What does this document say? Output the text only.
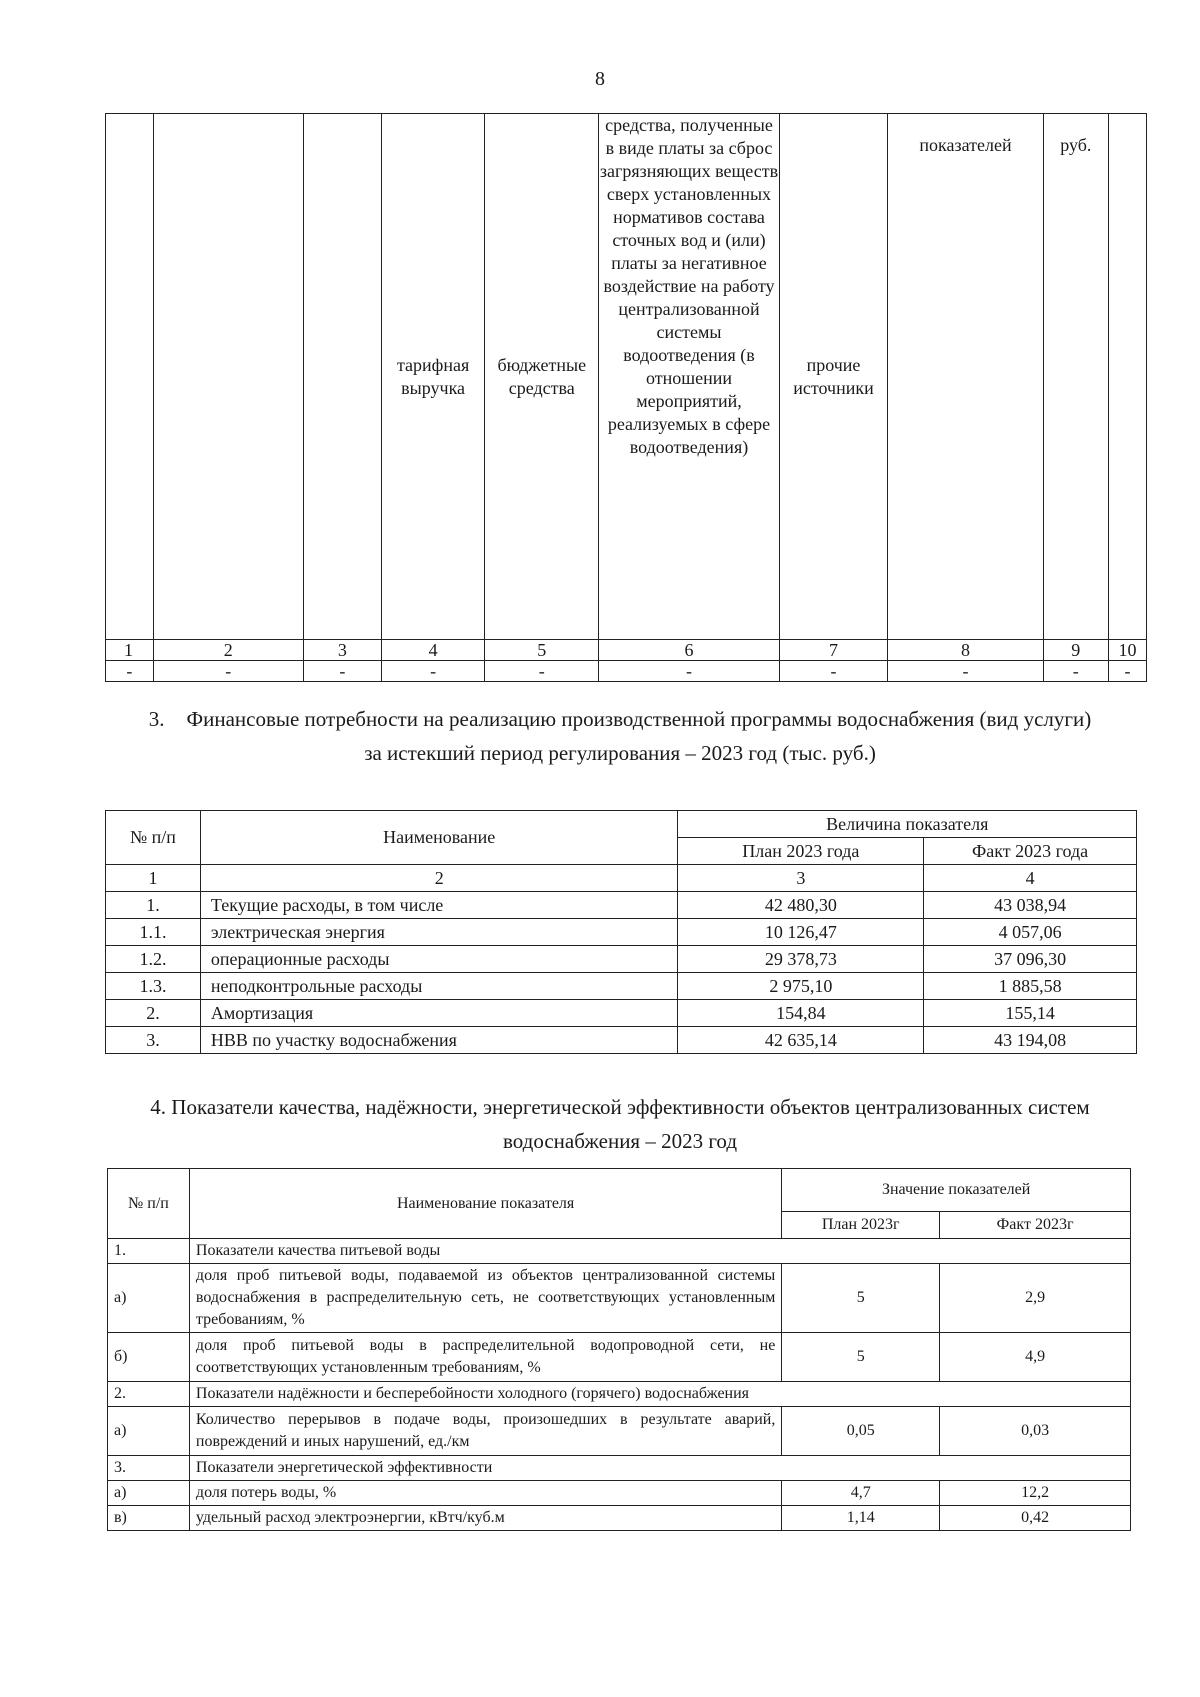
8
			тарифная выручка	бюджетные средства	средства, полученные в виде платы за сброс загрязняющих веществ сверх установленных нормативов состава сточных вод и (или) платы за негативное воздействие на работу централизованной системы водоотведения (в отношении мероприятий, реализуемых в сфере водоотведения)	прочие источники	показателей	руб.	
1	2	3	4	5	6	7	8	9	10
-	-	-	-	-	-	-	-	-	-
3. Финансовые потребности на реализацию производственной программы водоснабжения (вид услуги)
за истекший период регулирования – 2023 год (тыс. руб.)
№ п/п	Наименование	Величина показателя	
		План 2023 года	Факт 2023 года
1	2	3	4
1.	Текущие расходы, в том числе	42 480,30	43 038,94
1.1.	электрическая энергия	10 126,47	4 057,06
1.2.	операционные расходы	29 378,73	37 096,30
1.3.	неподконтрольные расходы	2 975,10	1 885,58
2.	Амортизация	154,84	155,14
3.	НВВ по участку водоснабжения	42 635,14	43 194,08
4. Показатели качества, надёжности, энергетической эффективности объектов централизованных систем
водоснабжения – 2023 год
№ п/п	Наименование показателя	Значение показателей	
		План 2023г	Факт 2023г
1.	Показатели качества питьевой воды		
а)	доля проб питьевой воды, подаваемой из объектов централизованной системы водоснабжения в распределительную сеть, не соответствующих установленным требованиям, %	5	2,9
б)	доля проб питьевой воды в распределительной водопроводной сети, не соответствующих установленным требованиям, %	5	4,9
2.	Показатели надёжности и бесперебойности холодного (горячего) водоснабжения		
а)	Количество перерывов в подаче воды, произошедших в результате аварий, повреждений и иных нарушений, ед./км	0,05	0,03
3.	Показатели энергетической эффективности		
а)	доля потерь воды, %	4,7	12,2
в)	удельный расход электроэнергии, кВтч/куб.м	1,14	0,42
